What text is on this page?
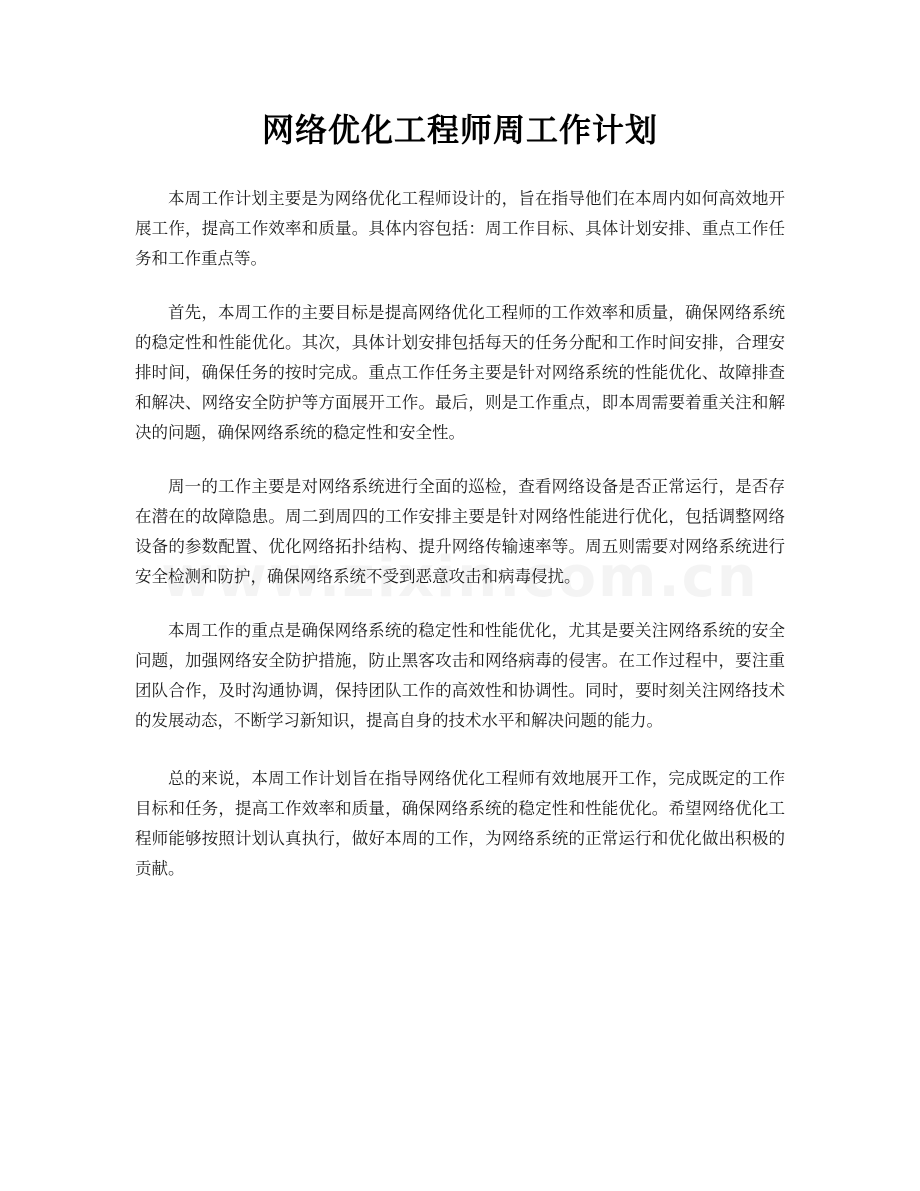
网络优化工程师周工作计划

本周工作计划主要是为网络优化工程师设计的，旨在指导他们在本周内如何高效地开展工作，提高工作效率和质量。具体内容包括：周工作目标、具体计划安排、重点工作任务和工作重点等。

首先，本周工作的主要目标是提高网络优化工程师的工作效率和质量，确保网络系统的稳定性和性能优化。其次，具体计划安排包括每天的任务分配和工作时间安排，合理安排时间，确保任务的按时完成。重点工作任务主要是针对网络系统的性能优化、故障排查和解决、网络安全防护等方面展开工作。最后，则是工作重点，即本周需要着重关注和解决的问题，确保网络系统的稳定性和安全性。

周一的工作主要是对网络系统进行全面的巡检，查看网络设备是否正常运行，是否存在潜在的故障隐患。周二到周四的工作安排主要是针对网络性能进行优化，包括调整网络设备的参数配置、优化网络拓扑结构、提升网络传输速率等。周五则需要对网络系统进行安全检测和防护，确保网络系统不受到恶意攻击和病毒侵扰。

本周工作的重点是确保网络系统的稳定性和性能优化，尤其是要关注网络系统的安全问题，加强网络安全防护措施，防止黑客攻击和网络病毒的侵害。在工作过程中，要注重团队合作，及时沟通协调，保持团队工作的高效性和协调性。同时，要时刻关注网络技术的发展动态，不断学习新知识，提高自身的技术水平和解决问题的能力。

总的来说，本周工作计划旨在指导网络优化工程师有效地展开工作，完成既定的工作目标和任务，提高工作效率和质量，确保网络系统的稳定性和性能优化。希望网络优化工程师能够按照计划认真执行，做好本周的工作，为网络系统的正常运行和优化做出积极的贡献。
